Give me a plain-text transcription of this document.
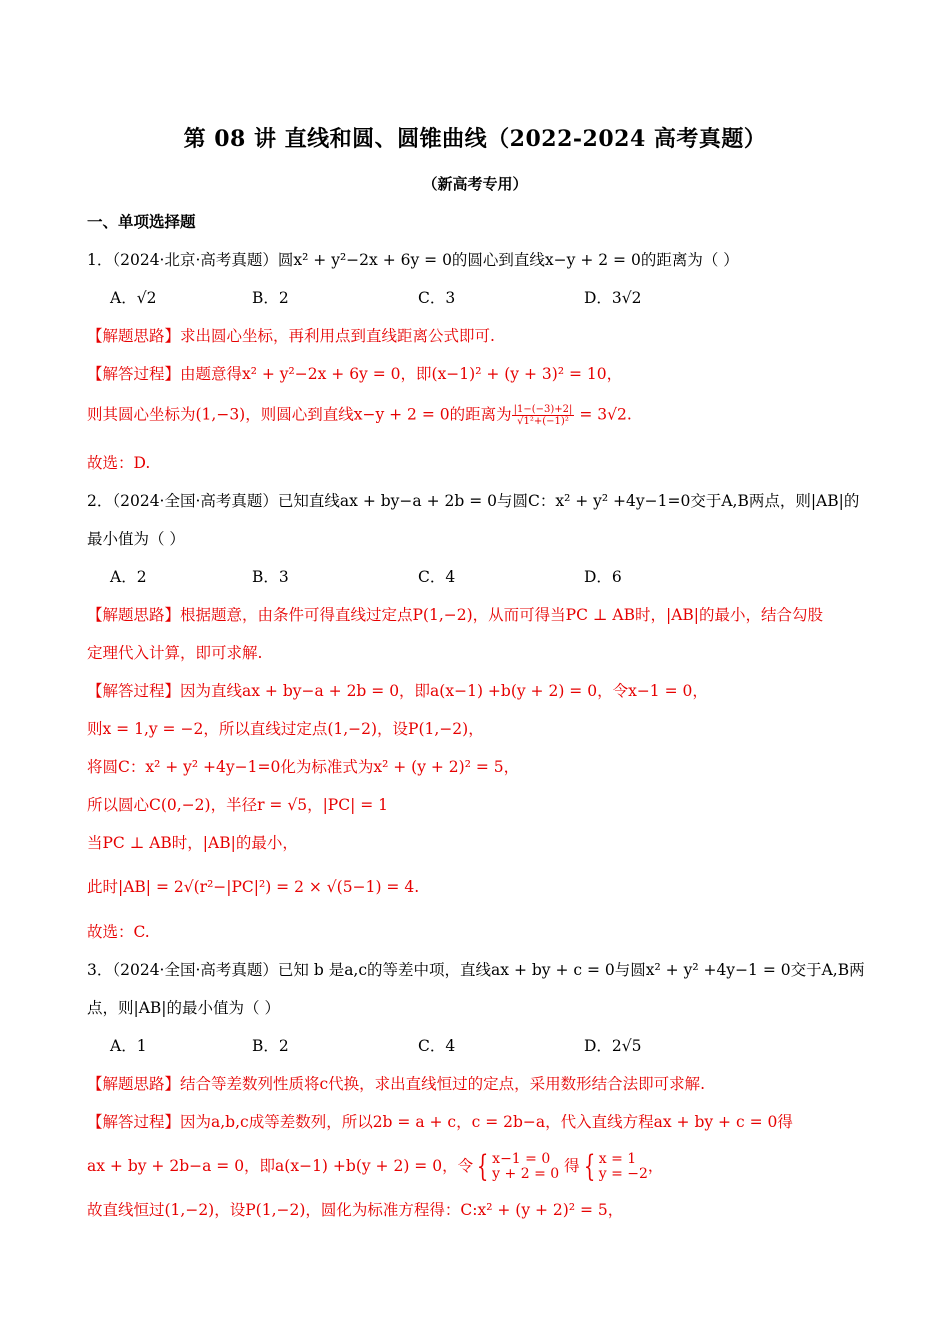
第 08 讲 直线和圆、圆锥曲线（2022-2024 高考真题）
（新高考专用）
一、单项选择题
1．（2024·北京·高考真题）圆x² + y²−2x + 6y = 0的圆心到直线x−y + 2 = 0的距离为（ ）
A．√2	B．2	C．3	D．3√2
【解题思路】求出圆心坐标，再利用点到直线距离公式即可.
【解答过程】由题意得x² + y²−2x + 6y = 0，即(x−1)² + (y + 3)² = 10，
则其圆心坐标为(1,−3)，则圆心到直线x−y + 2 = 0的距离为 $\frac{|1-(-3)+2|}{\text{√1²+(−1)²}} = 3√2$.
故选：D.
2．（2024·全国·高考真题）已知直线ax + by−a + 2b = 0与圆C：x² + y² +4y−1=0交于A,B两点，则|AB|的
最小值为（ ）
A．2	B．3	C．4	D．6
【解题思路】根据题意，由条件可得直线过定点P(1,−2)，从而可得当PC ⊥ AB时，|AB|的最小，结合勾股
定理代入计算，即可求解.
【解答过程】因为直线ax + by−a + 2b = 0，即a(x−1) +b(y + 2) = 0，令x−1 = 0，
则x = 1,y = −2，所以直线过定点(1,−2)，设P(1,−2)，
将圆C：x² + y² +4y−1=0化为标准式为x² + (y + 2)² = 5，
所以圆心C(0,−2)，半径r = √5，|PC| = 1
当PC ⊥ AB时，|AB|的最小，
此时|AB| = 2√(r²−|PC|²) = 2 × √(5−1) = 4.
故选：C.
3．（2024·全国·高考真题）已知 b 是a,c的等差中项，直线ax + by + c = 0与圆x² + y² +4y−1 = 0交于A,B两
点，则|AB|的最小值为（ ）
A．1	B．2	C．4	D．2√5
【解题思路】结合等差数列性质将c代换，求出直线恒过的定点，采用数形结合法即可求解.
【解答过程】因为a,b,c成等差数列，所以2b = a + c，c = 2b−a，代入直线方程ax + by + c = 0得
ax + by + 2b−a = 0，即a(x−1) +b(y + 2) = 0，令 { x−1 = 0
y + 2 = 0 得 { x = 1
y = −2 ，
故直线恒过(1,−2)，设P(1,−2)，圆化为标准方程得：C:x² + (y + 2)² = 5，
